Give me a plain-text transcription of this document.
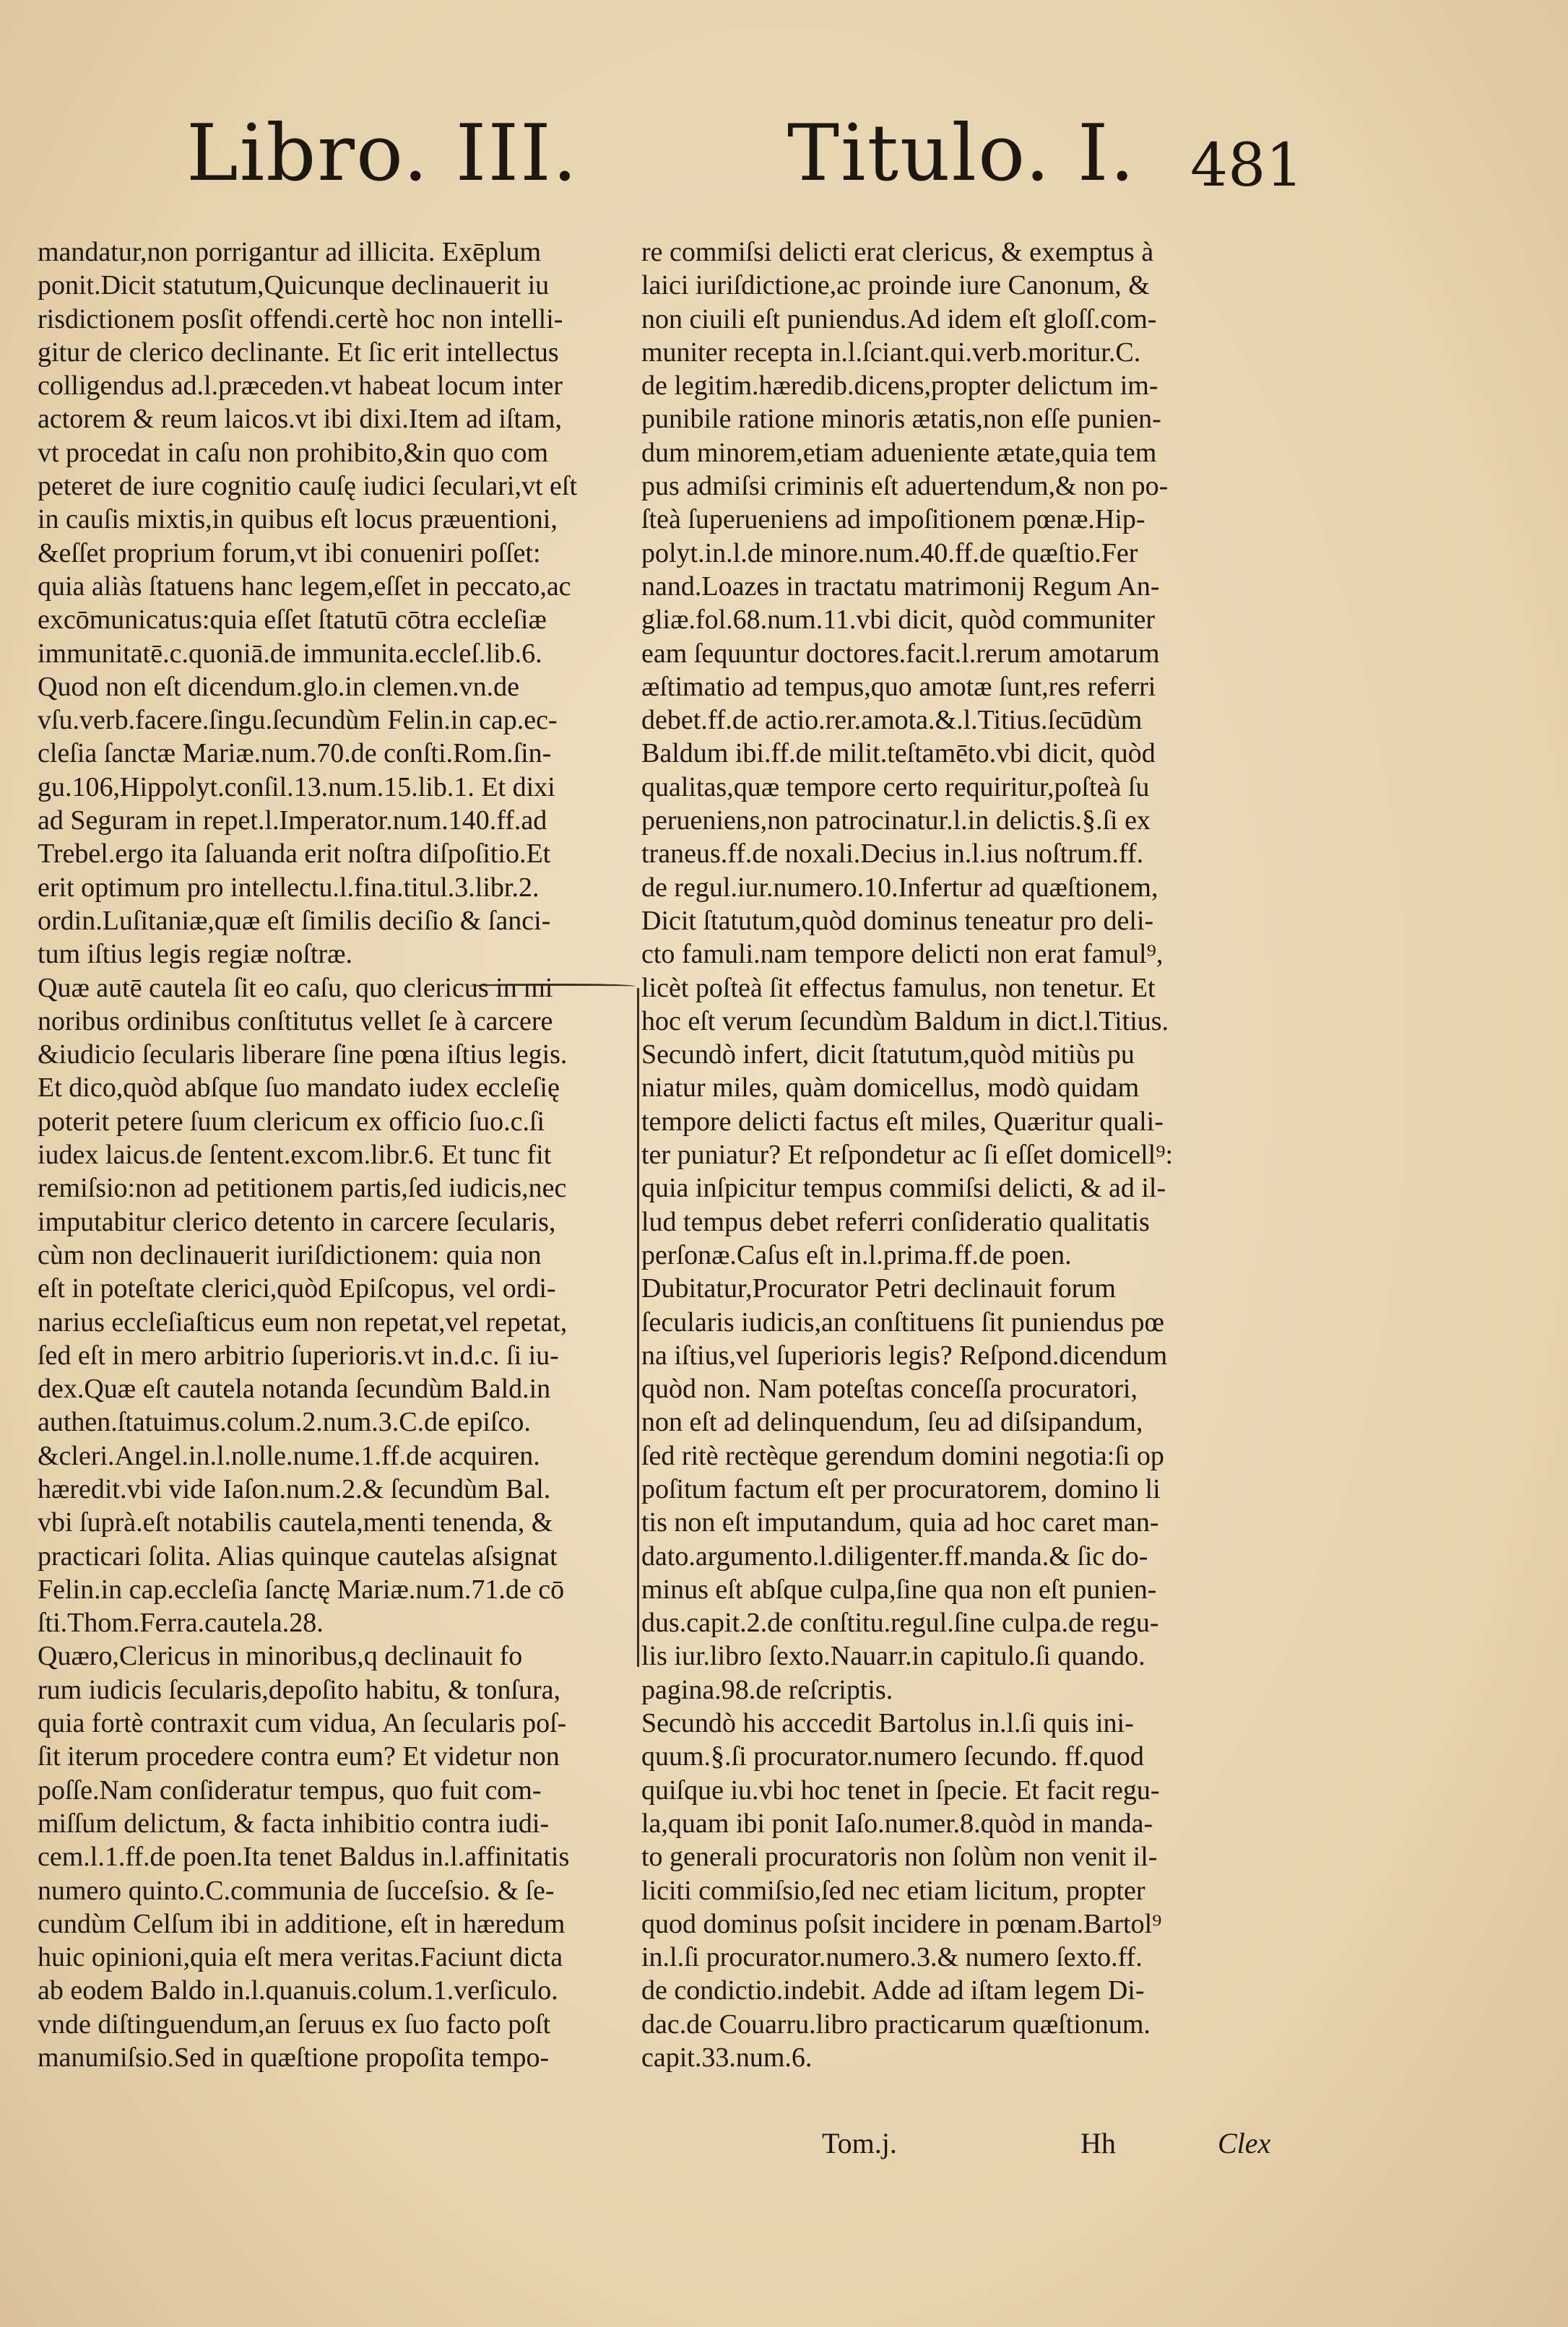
Libro. III.	Titulo. I. 481
mandatur,non porrigantur ad illicita. Exēplum
ponit.Dicit statutum,Quicunque declinauerit iu
risdictionem posſit offendi.certè hoc non intelli-
gitur de clerico declinante. Et ſic erit intellectus
colligendus ad.l.præceden.vt habeat locum inter
actorem & reum laicos.vt ibi dixi.Item ad iſtam,
vt procedat in caſu non prohibito,&in quo com
peteret de iure cognitio cauſę iudici ſeculari,vt eſt
in cauſis mixtis,in quibus eſt locus præuentioni,
&eſſet proprium forum,vt ibi conueniri poſſet:
quia aliàs ſtatuens hanc legem,eſſet in peccato,ac
excōmunicatus:quia eſſet ſtatutū cōtra eccleſiæ
immunitatē.c.quoniā.de immunita.eccleſ.lib.6.
Quod non eſt dicendum.glo.in clemen.vn.de
vſu.verb.facere.ſingu.ſecundùm Felin.in cap.ec-
cleſia ſanctæ Mariæ.num.70.de conſti.Rom.ſin-
gu.106,Hippolyt.conſil.13.num.15.lib.1. Et dixi
ad Seguram in repet.l.Imperator.num.140.ff.ad
Trebel.ergo ita ſaluanda erit noſtra diſpoſitio.Et
erit optimum pro intellectu.l.fina.titul.3.libr.2.
ordin.Luſitaniæ,quæ eſt ſimilis deciſio & ſanci-
tum iſtius legis regiæ noſtræ.
Quæ autē cautela ſit eo caſu, quo clericus in mi
noribus ordinibus conſtitutus vellet ſe à carcere
&iudicio ſecularis liberare ſine pœna iſtius legis.
Et dico,quòd abſque ſuo mandato iudex eccleſię
poterit petere ſuum clericum ex officio ſuo.c.ſi
iudex laicus.de ſentent.excom.libr.6. Et tunc fit
remiſsio:non ad petitionem partis,ſed iudicis,nec
imputabitur clerico detento in carcere ſecularis,
cùm non declinauerit iuriſdictionem: quia non
eſt in poteſtate clerici,quòd Epiſcopus, vel ordi-
narius eccleſiaſticus eum non repetat,vel repetat,
ſed eſt in mero arbitrio ſuperioris.vt in.d.c. ſi iu-
dex.Quæ eſt cautela notanda ſecundùm Bald.in
authen.ſtatuimus.colum.2.num.3.C.de epiſco.
&cleri.Angel.in.l.nolle.nume.1.ff.de acquiren.
hæredit.vbi vide Iaſon.num.2.& ſecundùm Bal.
vbi ſuprà.eſt notabilis cautela,menti tenenda, &
practicari ſolita. Alias quinque cautelas aſsignat
Felin.in cap.eccleſia ſanctę Mariæ.num.71.de cō
ſti.Thom.Ferra.cautela.28.
Quæro,Clericus in minoribus,q declinauit fo
rum iudicis ſecularis,depoſito habitu, & tonſura,
quia fortè contraxit cum vidua, An ſecularis poſ-
ſit iterum procedere contra eum? Et videtur non
poſſe.Nam conſideratur tempus, quo fuit com-
miſſum delictum, & facta inhibitio contra iudi-
cem.l.1.ff.de poen.Ita tenet Baldus in.l.affinitatis
numero quinto.C.communia de ſucceſsio. & ſe-
cundùm Celſum ibi in additione, eſt in hæredum
huic opinioni,quia eſt mera veritas.Faciunt dicta
ab eodem Baldo in.l.quanuis.colum.1.verſiculo.
vnde diſtinguendum,an ſeruus ex ſuo facto poſt
manumiſsio.Sed in quæſtione propoſita tempo-
re commiſsi delicti erat clericus, & exemptus à
laici iuriſdictione,ac proinde iure Canonum, &
non ciuili eſt puniendus.Ad idem eſt gloſſ.com-
muniter recepta in.l.ſciant.qui.verb.moritur.C.
de legitim.hæredib.dicens,propter delictum im-
punibile ratione minoris ætatis,non eſſe punien-
dum minorem,etiam adueniente ætate,quia tem
pus admiſsi criminis eſt aduertendum,& non po-
ſteà ſuperueniens ad impoſitionem pœnæ.Hip-
polyt.in.l.de minore.num.40.ff.de quæſtio.Fer
nand.Loazes in tractatu matrimonij Regum An-
gliæ.fol.68.num.11.vbi dicit, quòd communiter
eam ſequuntur doctores.facit.l.rerum amotarum
æſtimatio ad tempus,quo amotæ ſunt,res referri
debet.ff.de actio.rer.amota.&.l.Titius.ſecūdùm
Baldum ibi.ff.de milit.teſtamēto.vbi dicit, quòd
qualitas,quæ tempore certo requiritur,poſteà ſu
perueniens,non patrocinatur.l.in delictis.§.ſi ex
traneus.ff.de noxali.Decius in.l.ius noſtrum.ff.
de regul.iur.numero.10.Infertur ad quæſtionem,
Dicit ſtatutum,quòd dominus teneatur pro deli-
cto famuli.nam tempore delicti non erat famul⁹,
licèt poſteà ſit effectus famulus, non tenetur. Et
hoc eſt verum ſecundùm Baldum in dict.l.Titius.
Secundò infert, dicit ſtatutum,quòd mitiùs pu
niatur miles, quàm domicellus, modò quidam
tempore delicti factus eſt miles, Quæritur quali-
ter puniatur? Et reſpondetur ac ſi eſſet domicell⁹:
quia inſpicitur tempus commiſsi delicti, & ad il-
lud tempus debet referri conſideratio qualitatis
perſonæ.Caſus eſt in.l.prima.ff.de poen.
Dubitatur,Procurator Petri declinauit forum
ſecularis iudicis,an conſtituens ſit puniendus pœ
na iſtius,vel ſuperioris legis? Reſpond.dicendum
quòd non. Nam poteſtas conceſſa procuratori,
non eſt ad delinquendum, ſeu ad diſsipandum,
ſed ritè rectèque gerendum domini negotia:ſi op
poſitum factum eſt per procuratorem, domino li
tis non eſt imputandum, quia ad hoc caret man-
dato.argumento.l.diligenter.ff.manda.& ſic do-
minus eſt abſque culpa,ſine qua non eſt punien-
dus.capit.2.de conſtitu.regul.ſine culpa.de regu-
lis iur.libro ſexto.Nauarr.in capitulo.ſi quando.
pagina.98.de reſcriptis.
Secundò his acccedit Bartolus in.l.ſi quis ini-
quum.§.ſi procurator.numero ſecundo. ff.quod
quiſque iu.vbi hoc tenet in ſpecie. Et facit regu-
la,quam ibi ponit Iaſo.numer.8.quòd in manda-
to generali procuratoris non ſolùm non venit il-
liciti commiſsio,ſed nec etiam licitum, propter
quod dominus poſsit incidere in pœnam.Bartol⁹
in.l.ſi procurator.numero.3.& numero ſexto.ff.
de condictio.indebit. Adde ad iſtam legem Di-
dac.de Couarru.libro practicarum quæſtionum.
capit.33.num.6.
Tom.j.	Hh	Clex
